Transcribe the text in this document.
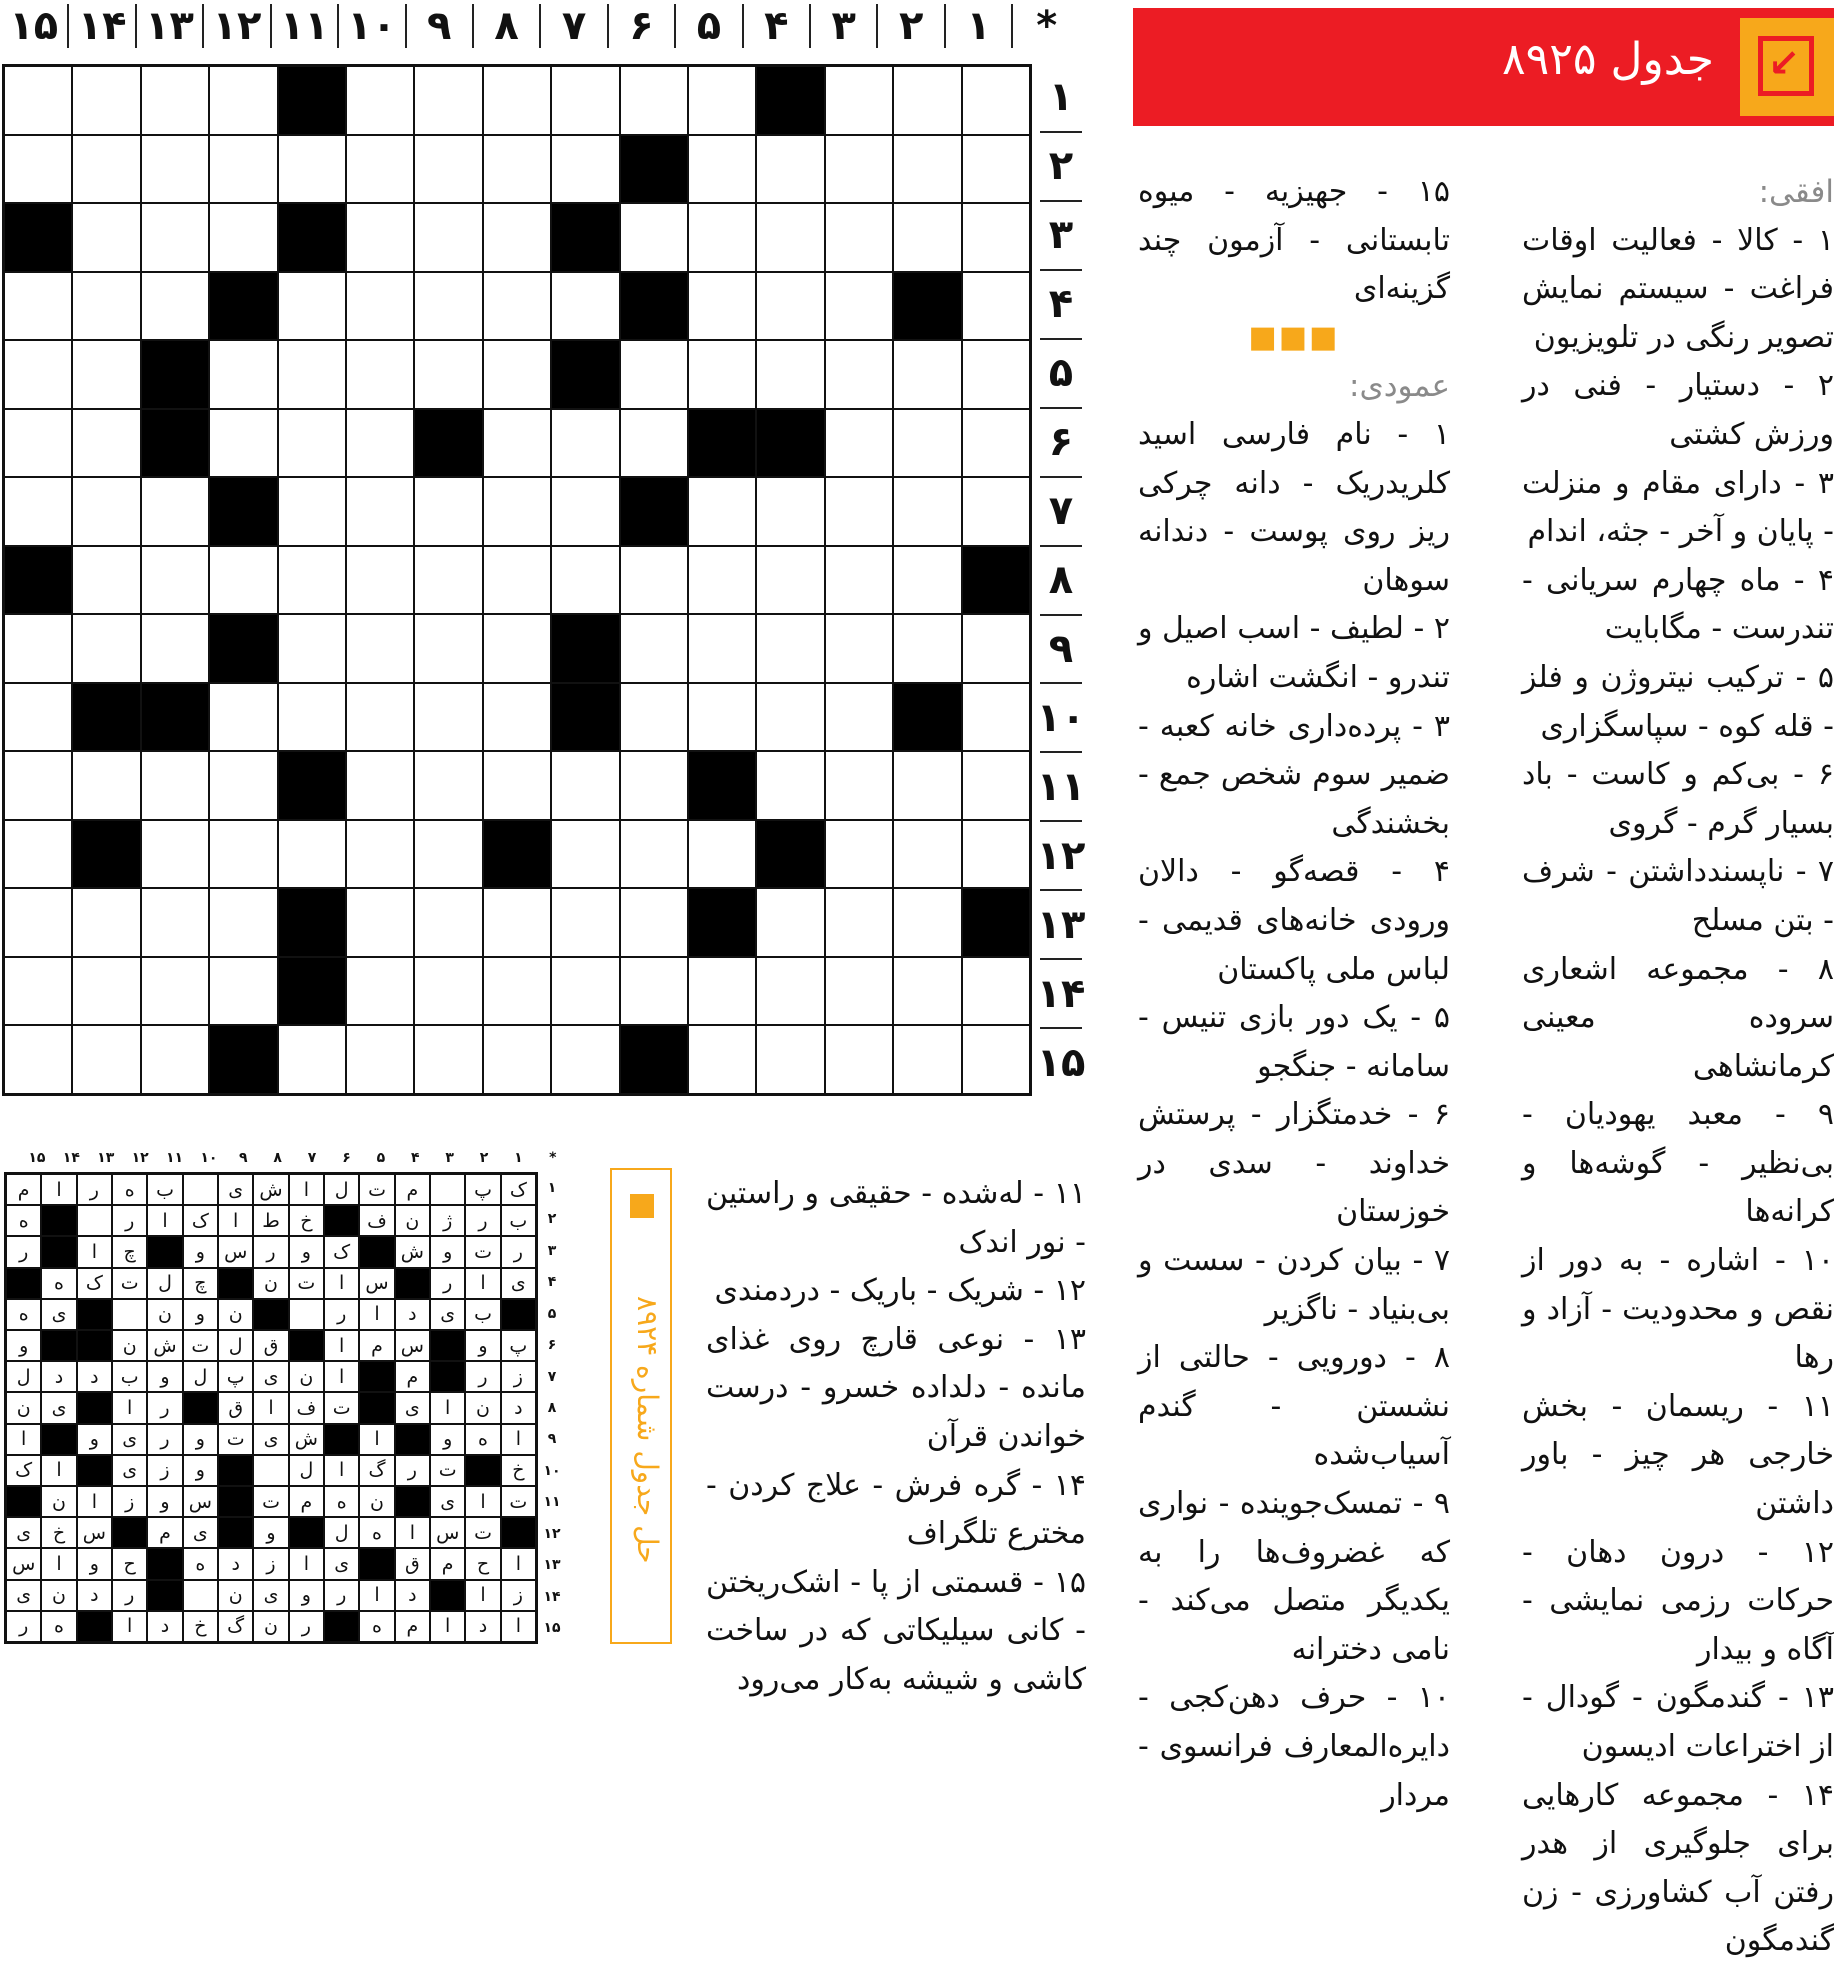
*
۱
۲
۳
۴
۵
۶
۷
۸
۹
۱۰
۱۱
۱۲
۱۳
۱۴
۱۵
۱
۲
۳
۴
۵
۶
۷
۸
۹
۱۰
۱۱
۱۲
۱۳
۱۴
۱۵
↙
جدول ۸۹۲۵

افقی:

۱ - کالا - فعالیت اوقات فراغت - سیستم نمایش تصویر رنگی در تلویزیون

۲ - دستیار - فنی در ورزش کشتی

۳ - دارای مقام و منزلت - پایان و آخر - جثه، اندام

۴ - ماه چهارم سریانی - تندرست - مگابایت

۵ - ترکیب نیتروژن و فلز - قله کوه - سپاسگزاری

۶ - بی‌کم و کاست - باد بسیار گرم - گروی

۷ - ناپسندداشتن - شرف - بتن مسلح

۸ - مجموعه اشعاری سروده معینی کرمانشاهی

۹ - معبد یهودیان - بی‌نظیر - گوشه‌ها و کرانه‌ها

۱۰ - اشاره - به دور از نقص و محدودیت - آزاد و رها

۱۱ - ریسمان - بخش خارجی هر چیز - باور داشتن

۱۲ - درون دهان - حرکات رزمی نمایشی - آگاه و بیدار

۱۳ - گندمگون - گودال - از اختراعات ادیسون

۱۴ - مجموعه کارهایی برای جلوگیری از هدر رفتن آب کشاورزی - زن گندمگون

۱۵ - جهیزیه - میوه تابستانی - آزمون چند گزینه‌ای

■■■

عمودی:

۱ - نام فارسی اسید کلریدریک - دانه چرکی ریز روی پوست - دندانه سوهان

۲ - لطیف - اسب اصیل و تندرو - انگشت اشاره

۳ - پرده‌داری خانه کعبه - ضمیر سوم شخص جمع - بخشندگی

۴ - قصه‌گو - دالان ورودی خانه‌های قدیمی - لباس ملی پاکستان

۵ - یک دور بازی تنیس - سامانه - جنگجو

۶ - خدمتگزار - پرستش خداوند - سدی در خوزستان

۷ - بیان کردن - سست و بی‌بنیاد - ناگزیر

۸ - دورویی - حالتی از نشستن - گندم آسیاب‌شده

۹ - تمسک‌جوینده - نواری که غضروف‌ها را به یکدیگر متصل می‌کند - نامی دخترانه

۱۰ - حرف دهن‌کجی - دایره‌المعارف فرانسوی - مردار

۱۱ - له‌شده - حقیقی و راستین - نور اندک

۱۲ - شریک - باریک - دردمندی

۱۳ - نوعی قارچ روی غذای مانده - دلداده خسرو - درست خواندن قرآن

۱۴ - گره فرش - علاج کردن - مخترع تلگراف

۱۵ - قسمتی از پا - اشک‌ریختن - کانی سیلیکاتی که در ساخت کاشی و شیشه به‌کار می‌رود

*
۱
۲
۳
۴
۵
۶
۷
۸
۹
۱۰
۱۱
۱۲
۱۳
۱۴
۱۵
ک
پ
م
ت
ل
ا
ش
ی
ب
ه
ر
ا
م
ب
ر
ژ
ن
ف
خ
ط
ا
ک
ا
ر
ه
ر
ت
و
ش
ک
و
ر
س
و
چ
ا
ر
ی
ا
ر
س
ا
ت
ن
چ
ل
ت
ک
ه
ب
ی
د
ا
ر
ن
و
ن
ی
ه
پ
و
س
م
ا
ق
ل
ت
ش
ن
و
ز
ر
م
ا
ن
ی
پ
ل
و
ب
د
د
ل
د
ن
ا
ی
ت
ف
ا
ق
ر
ا
ی
ن
ا
ه
و
ا
ش
ی
ت
و
ر
ی
و
ا
خ
ت
ر
گ
ا
ل
و
ز
ی
ا
ک
ت
ا
ی
ن
ه
م
ت
س
و
ز
ا
ن
ت
س
ا
ه
ل
و
ی
م
س
خ
ی
ا
ح
م
ق
ی
ا
ز
د
ه
ح
و
ا
س
ز
ا
د
ا
ر
و
ی
ن
ر
د
ن
ی
ا
د
ا
م
ه
ر
ن
گ
خ
د
ا
ه
ر
۱
۲
۳
۴
۵
۶
۷
۸
۹
۱۰
۱۱
۱۲
۱۳
۱۴
۱۵
حل جدول شماره ۸۹۲۴
